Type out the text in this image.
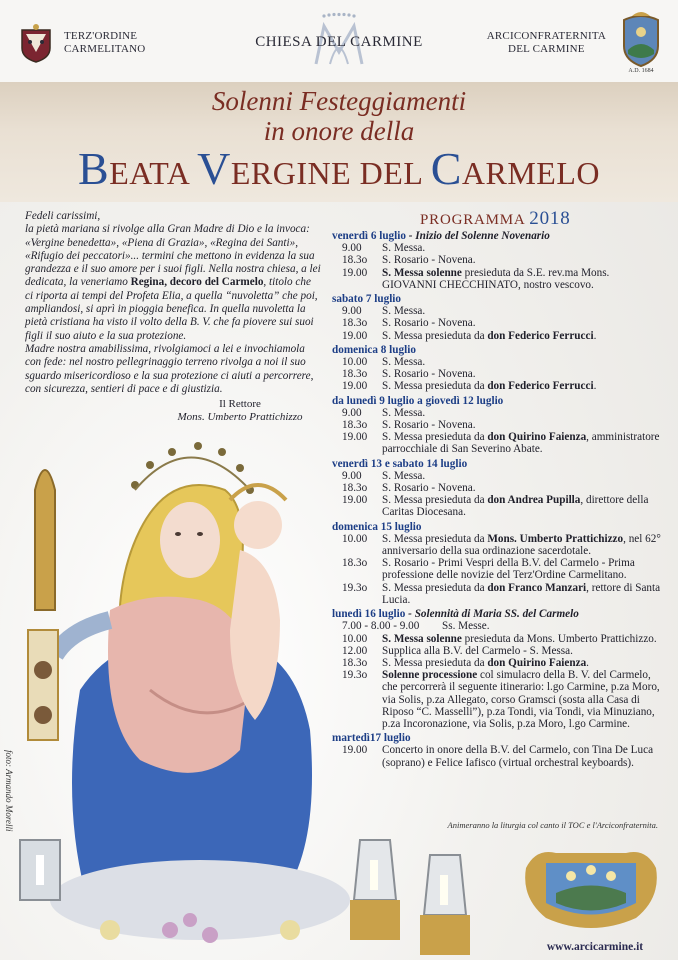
TERZ'ORDINE
CARMELITANO	CHIESA DEL CARMINE	ARCICONFRATERNITA
DEL CARMINE
A.D. 1684
Solenni Festeggiamenti
in onore della
BEATA VERGINE DEL CARMELO

Fedeli carissimi,

la pietà mariana si rivolge alla Gran Madre di Dio e la invoca: «Vergine benedetta», «Piena di Grazia», «Regina dei Santi», «Rifugio dei peccatori»... termini che mettono in evidenza la sua grandezza e il suo amore per i suoi figli. Nella nostra chiesa, a lei dedicata, la veneriamo Regina, decoro del Carmelo, titolo che ci riporta ai tempi del Profeta Elia, a quella “nuvoletta” che poi, ampliandosi, si aprì in pioggia benefica. In quella nuvoletta la pietà cristiana ha visto il volto della B. V. che fa piovere sui suoi figli il suo aiuto e la sua protezione.

Madre nostra amabilissima, rivolgiamoci a lei e invochiamola con fede: nel nostro pellegrinaggio terreno rivolga a noi il suo sguardo misericordioso e la sua protezione ci aiuti a percorrere, con sicurezza, sentieri di pace e di giustizia.

Il Rettore
Mons. Umberto Prattichizzo
foto: Armando Morelli
PROGRAMMA 2018
venerdì 6 luglio - Inizio del Solenne Novenario
9.00	S. Messa.
18.3o	S. Rosario - Novena.
19.00	S. Messa solenne presieduta da S.E. rev.ma Mons. GIOVANNI CHECCHINATO, nostro vescovo.
sabato 7 luglio
9.00	S. Messa.
18.3o	S. Rosario - Novena.
19.00	S. Messa presieduta da don Federico Ferrucci.
domenica 8 luglio
10.00	S. Messa.
18.3o	S. Rosario - Novena.
19.00	S. Messa presieduta da don Federico Ferrucci.
da lunedì 9 luglio a giovedì 12 luglio
9.00	S. Messa.
18.3o	S. Rosario - Novena.
19.00	S. Messa presieduta da don Quirino Faienza, amministratore parrocchiale di San Severino Abate.
venerdì 13 e sabato 14 luglio
9.00	S. Messa.
18.3o	S. Rosario - Novena.
19.00	S. Messa presieduta da don Andrea Pupilla, direttore della Caritas Diocesana.
domenica 15 luglio
10.00	S. Messa presieduta da Mons. Umberto Prattichizzo, nel 62° anniversario della sua ordinazione sacerdotale.
18.3o	S. Rosario - Primi Vespri della B.V. del Carmelo - Prima professione delle novizie del Terz'Ordine Carmelitano.
19.3o	S. Messa presieduta da don Franco Manzari, rettore di Santa Lucia.
lunedì 16 luglio - Solennità di Maria SS. del Carmelo
7.00 - 8.00 - 9.00	Ss. Messe.
10.00	S. Messa solenne presieduta da Mons. Umberto Prattichizzo.
12.00	Supplica alla B.V. del Carmelo - S. Messa.
18.3o	S. Messa presieduta da don Quirino Faienza.
19.3o	Solenne processione col simulacro della B. V. del Carmelo, che percorrerà il seguente itinerario: l.go Carmine, p.za Moro, via Solis, p.za Allegato, corso Gramsci (sosta alla Casa di Riposo “C. Masselli”), p.za Tondi, via Tondi, via Minuziano, p.za Incoronazione, via Solis, p.za Moro, l.go Carmine.
martedì17 luglio
19.00	Concerto in onore della B.V. del Carmelo, con Tina De Luca (soprano) e Felice Iafisco (virtual orchestral keyboards).
Animeranno la liturgia col canto il TOC e l'Arciconfraternita.
www.arcicarmine.it
